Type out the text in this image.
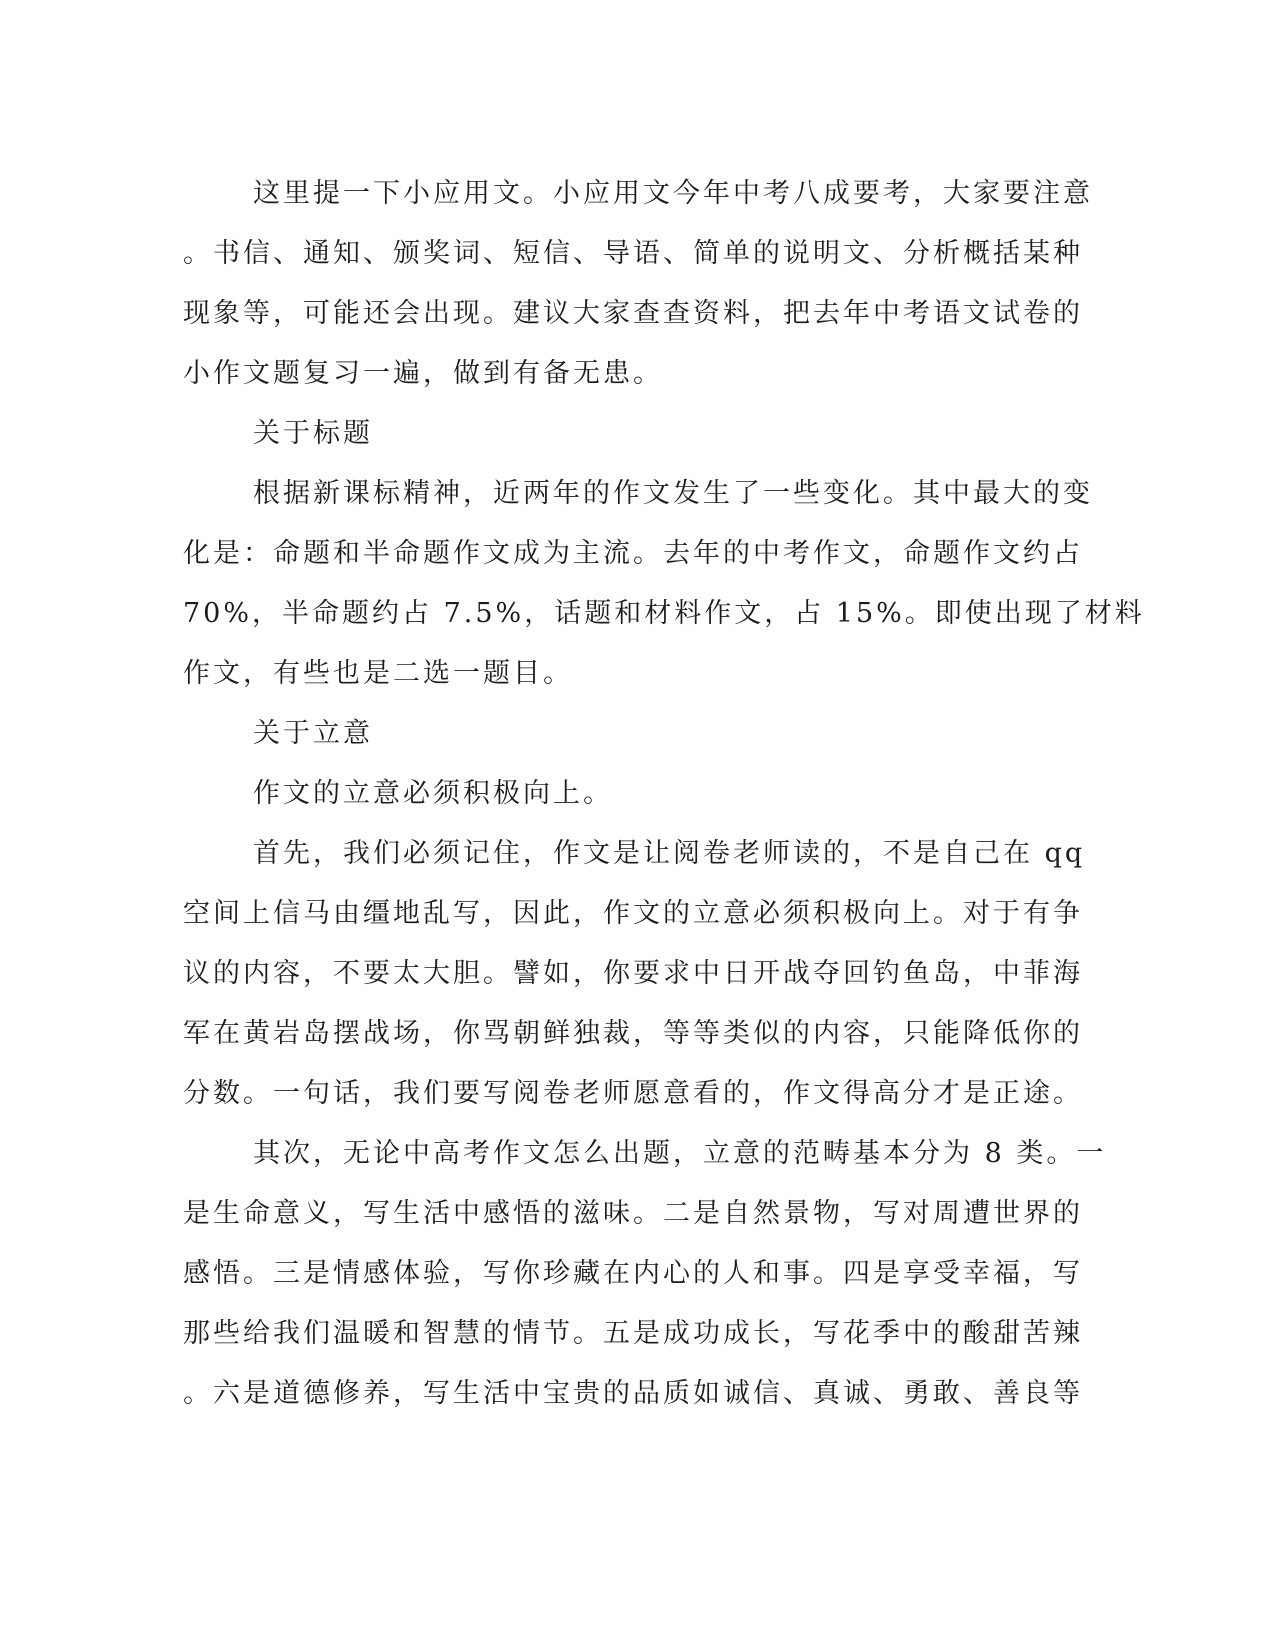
这里提一下小应用文。小应用文今年中考八成要考，大家要注意
。书信、通知、颁奖词、短信、导语、简单的说明文、分析概括某种
现象等，可能还会出现。建议大家查查资料，把去年中考语文试卷的
小作文题复习一遍，做到有备无患。
关于标题
根据新课标精神，近两年的作文发生了一些变化。其中最大的变
化是：命题和半命题作文成为主流。去年的中考作文，命题作文约占
70%，半命题约占 7.5%，话题和材料作文，占 15%。即使出现了材料
作文，有些也是二选一题目。
关于立意
作文的立意必须积极向上。
首先，我们必须记住，作文是让阅卷老师读的，不是自己在 qq
空间上信马由缰地乱写，因此，作文的立意必须积极向上。对于有争
议的内容，不要太大胆。譬如，你要求中日开战夺回钓鱼岛，中菲海
军在黄岩岛摆战场，你骂朝鲜独裁，等等类似的内容，只能降低你的
分数。一句话，我们要写阅卷老师愿意看的，作文得高分才是正途。
其次，无论中高考作文怎么出题，立意的范畴基本分为 8 类。一
是生命意义，写生活中感悟的滋味。二是自然景物，写对周遭世界的
感悟。三是情感体验，写你珍藏在内心的人和事。四是享受幸福，写
那些给我们温暖和智慧的情节。五是成功成长，写花季中的酸甜苦辣
。六是道德修养，写生活中宝贵的品质如诚信、真诚、勇敢、善良等
